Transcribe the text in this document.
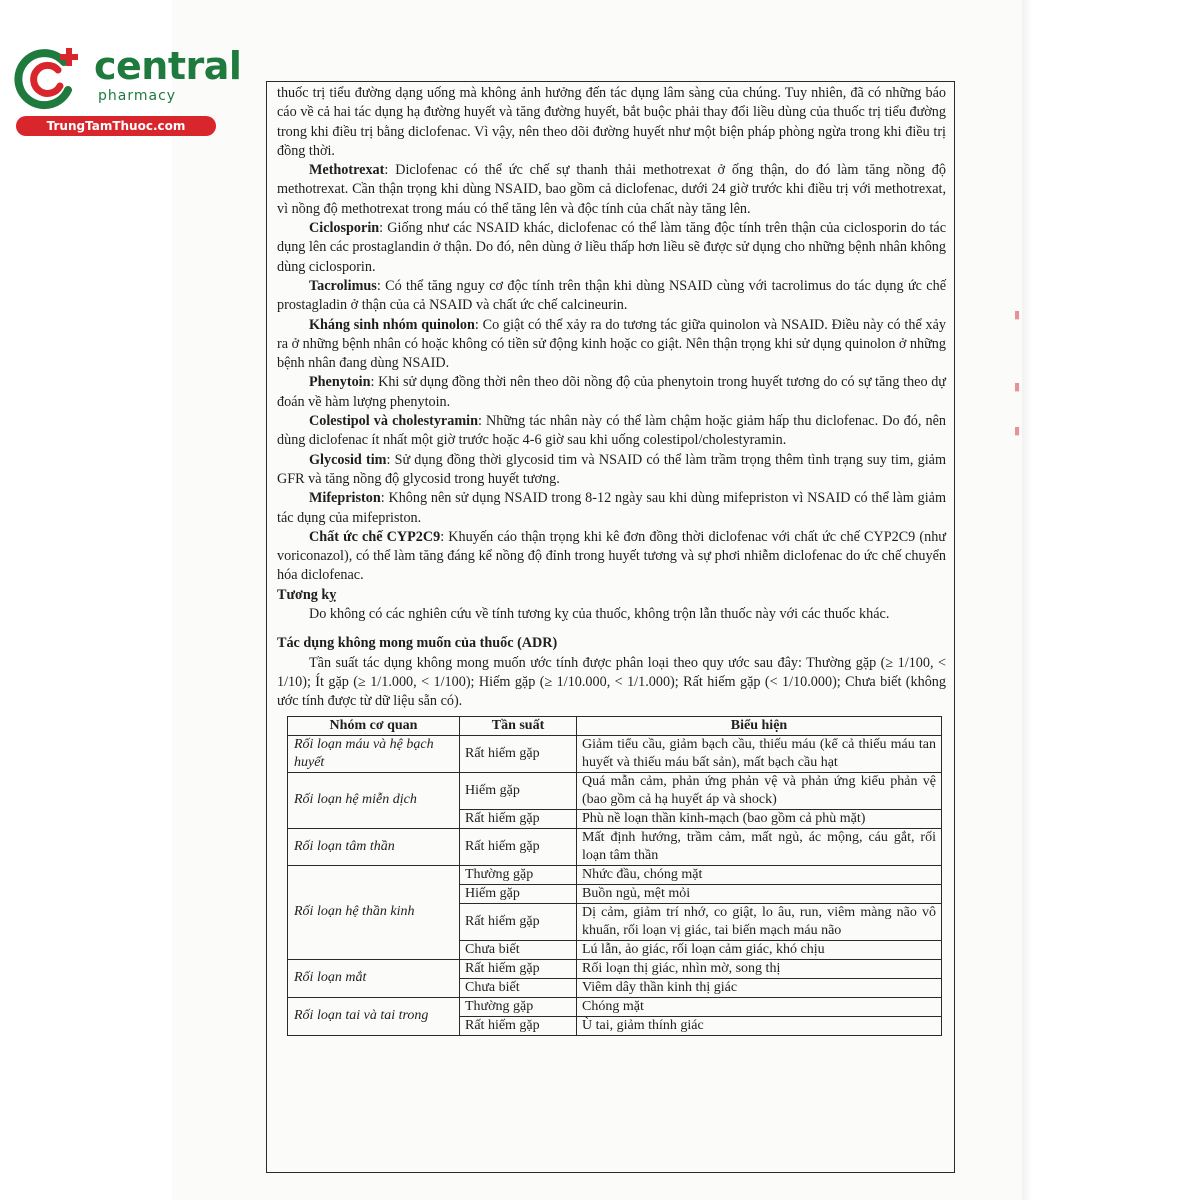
central
pharmacy
TrungTamThuoc.com
▮
▮
▮

thuốc trị tiểu đường dạng uống mà không ảnh hưởng đến tác dụng lâm sàng của chúng. Tuy nhiên, đã có những báo cáo về cả hai tác dụng hạ đường huyết và tăng đường huyết, bắt buộc phải thay đổi liều dùng của thuốc trị tiểu đường trong khi điều trị bằng diclofenac. Vì vậy, nên theo dõi đường huyết như một biện pháp phòng ngừa trong khi điều trị đồng thời.

Methotrexat: Diclofenac có thể ức chế sự thanh thải methotrexat ở ống thận, do đó làm tăng nồng độ methotrexat. Cần thận trọng khi dùng NSAID, bao gồm cả diclofenac, dưới 24 giờ trước khi điều trị với methotrexat, vì nồng độ methotrexat trong máu có thể tăng lên và độc tính của chất này tăng lên.

Ciclosporin: Giống như các NSAID khác, diclofenac có thể làm tăng độc tính trên thận của ciclosporin do tác dụng lên các prostaglandin ở thận. Do đó, nên dùng ở liều thấp hơn liều sẽ được sử dụng cho những bệnh nhân không dùng ciclosporin.

Tacrolimus: Có thể tăng nguy cơ độc tính trên thận khi dùng NSAID cùng với tacrolimus do tác dụng ức chế prostagladin ở thận của cả NSAID và chất ức chế calcineurin.

Kháng sinh nhóm quinolon: Co giật có thể xảy ra do tương tác giữa quinolon và NSAID. Điều này có thể xảy ra ở những bệnh nhân có hoặc không có tiền sử động kinh hoặc co giật. Nên thận trọng khi sử dụng quinolon ở những bệnh nhân đang dùng NSAID.

Phenytoin: Khi sử dụng đồng thời nên theo dõi nồng độ của phenytoin trong huyết tương do có sự tăng theo dự đoán về hàm lượng phenytoin.

Colestipol và cholestyramin: Những tác nhân này có thể làm chậm hoặc giảm hấp thu diclofenac. Do đó, nên dùng diclofenac ít nhất một giờ trước hoặc 4-6 giờ sau khi uống colestipol/cholestyramin.

Glycosid tim: Sử dụng đồng thời glycosid tim và NSAID có thể làm trầm trọng thêm tình trạng suy tim, giảm GFR và tăng nồng độ glycosid trong huyết tương.

Mifepriston: Không nên sử dụng NSAID trong 8-12 ngày sau khi dùng mifepriston vì NSAID có thể làm giảm tác dụng của mifepriston.

Chất ức chế CYP2C9: Khuyến cáo thận trọng khi kê đơn đồng thời diclofenac với chất ức chế CYP2C9 (như voriconazol), có thể làm tăng đáng kể nồng độ đỉnh trong huyết tương và sự phơi nhiễm diclofenac do ức chế chuyển hóa diclofenac.

Tương kỵ

Do không có các nghiên cứu về tính tương kỵ của thuốc, không trộn lẫn thuốc này với các thuốc khác.

Tác dụng không mong muốn của thuốc (ADR)

Tần suất tác dụng không mong muốn ước tính được phân loại theo quy ước sau đây: Thường gặp (≥ 1/100, < 1/10); Ít gặp (≥ 1/1.000, < 1/100); Hiếm gặp (≥ 1/10.000, < 1/1.000); Rất hiếm gặp (< 1/10.000); Chưa biết (không ước tính được từ dữ liệu sẵn có).

Nhóm cơ quan	Tần suất	Biểu hiện
Rối loạn máu và hệ bạch huyết	Rất hiếm gặp	Giảm tiểu cầu, giảm bạch cầu, thiếu máu (kể cả thiếu máu tan huyết và thiếu máu bất sản), mất bạch cầu hạt
Rối loạn hệ miễn dịch	Hiếm gặp	Quá mẫn cảm, phản ứng phản vệ và phản ứng kiểu phản vệ (bao gồm cả hạ huyết áp và shock)
	Rất hiếm gặp	Phù nề loạn thần kinh-mạch (bao gồm cả phù mặt)
Rối loạn tâm thần	Rất hiếm gặp	Mất định hướng, trầm cảm, mất ngủ, ác mộng, cáu gắt, rối loạn tâm thần
Rối loạn hệ thần kinh	Thường gặp	Nhức đầu, chóng mặt
	Hiếm gặp	Buồn ngủ, mệt mỏi
	Rất hiếm gặp	Dị cảm, giảm trí nhớ, co giật, lo âu, run, viêm màng não vô khuẩn, rối loạn vị giác, tai biến mạch máu não
	Chưa biết	Lú lẫn, ảo giác, rối loạn cảm giác, khó chịu
Rối loạn mắt	Rất hiếm gặp	Rối loạn thị giác, nhìn mờ, song thị
	Chưa biết	Viêm dây thần kinh thị giác
Rối loạn tai và tai trong	Thường gặp	Chóng mặt
	Rất hiếm gặp	Ù tai, giảm thính giác
